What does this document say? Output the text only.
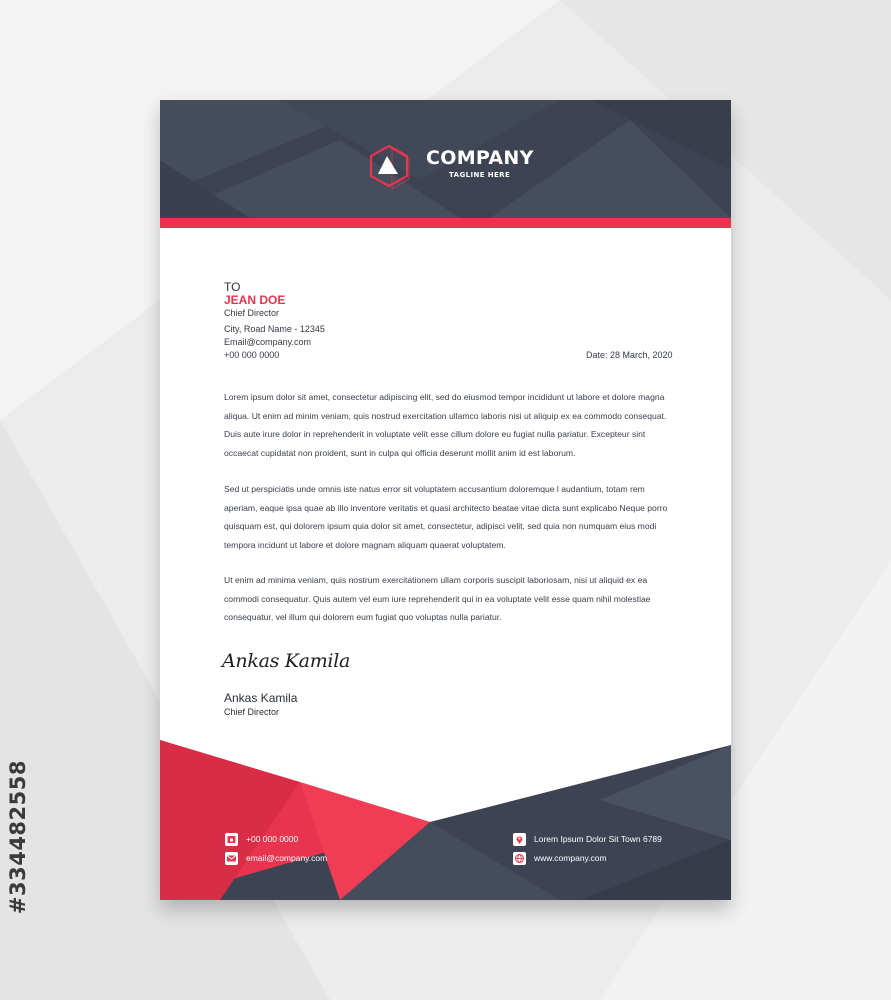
#334482558
COMPANY
TAGLINE HERE
TO
JEAN DOE
Chief Director
City, Road Name - 12345
Email@company.com
+00 000 0000	Date: 28 March, 2020

Lorem ipsum dolor sit amet, consectetur adipiscing elit, sed do eiusmod tempor incididunt ut labore et dolore magna aliqua. Ut enim ad minim veniam, quis nostrud exercitation ullamco laboris nisi ut aliquip ex ea commodo consequat. Duis aute irure dolor in reprehenderit in voluptate velit esse cillum dolore eu fugiat nulla pariatur. Excepteur sint occaecat cupidatat non proident, sunt in culpa qui officia deserunt mollit anim id est laborum.

Sed ut perspiciatis unde omnis iste natus error sit voluptatem accusantium doloremque l audantium, totam rem aperiam, eaque ipsa quae ab illo inventore veritatis et quasi architecto beatae vitae dicta sunt explicabo Neque porro quisquam est, qui dolorem ipsum quia dolor sit amet, consectetur, adipisci velit, sed quia non numquam eius modi tempora incidunt ut labore et dolore magnam aliquam quaerat voluptatem.

Ut enim ad minima veniam, quis nostrum exercitationem ullam corporis suscipit laboriosam, nisi ut aliquid ex ea commodi consequatur. Quis autem vel eum iure reprehenderit qui in ea voluptate velit esse quam nihil molestiae consequatur, vel illum qui dolorem eum fugiat quo voluptas nulla pariatur.

Ankas Kamila
Ankas Kamila
Chief Director
+00 000 0000
email@company.com
Lorem Ipsum Dolor Sit Town 6789
www.company.com
